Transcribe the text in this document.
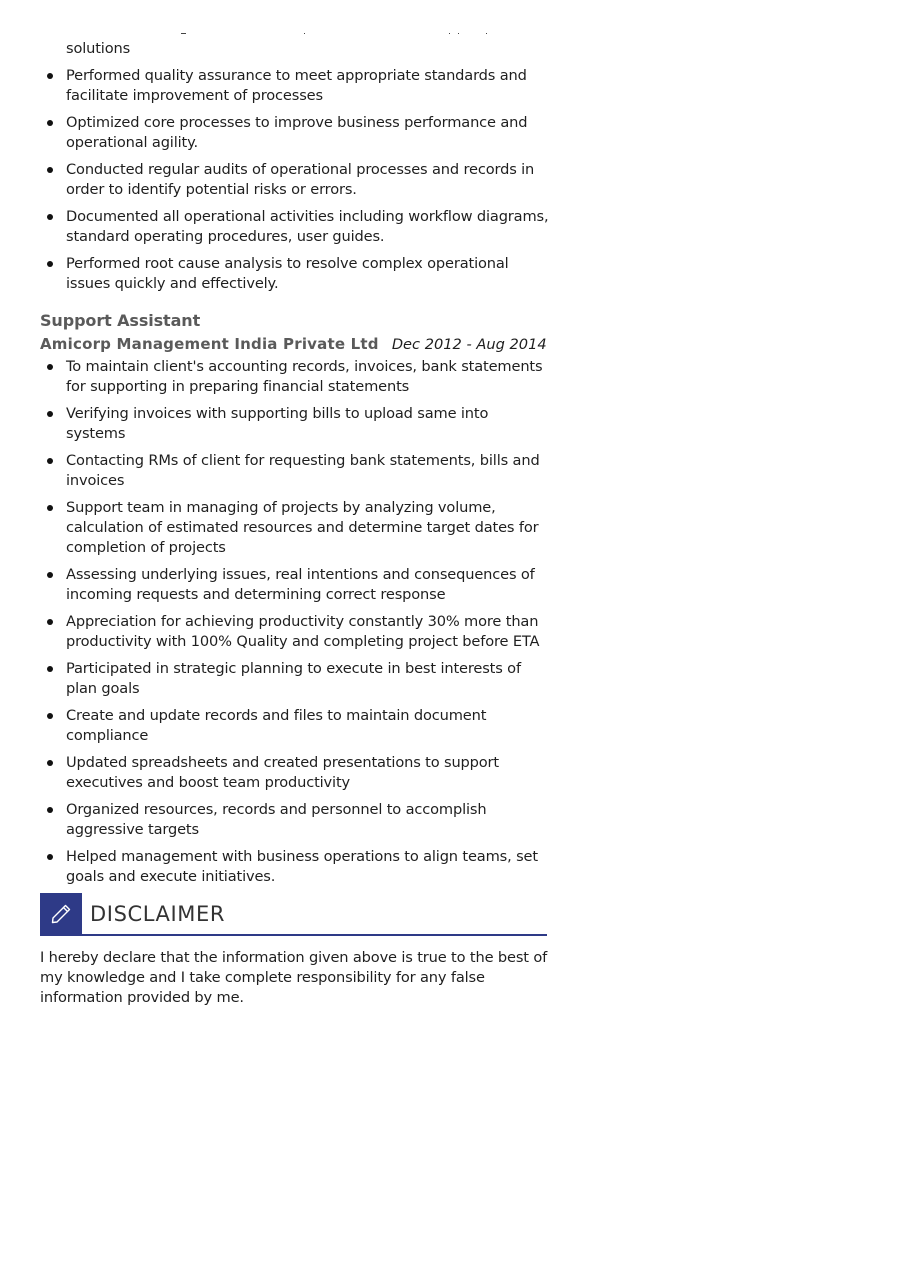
solutions
Performed quality assurance to meet appropriate standards and facilitate improvement of processes
Optimized core processes to improve business performance and operational agility.
Conducted regular audits of operational processes and records in order to identify potential risks or errors.
Documented all operational activities including workflow diagrams, standard operating procedures, user guides.
Performed root cause analysis to resolve complex operational issues quickly and effectively.
Support Assistant
Amicorp Management India Private Ltd Dec 2012 - Aug 2014
To maintain client's accounting records, invoices, bank statements for supporting in preparing financial statements
Verifying invoices with supporting bills to upload same into systems
Contacting RMs of client for requesting bank statements, bills and invoices
Support team in managing of projects by analyzing volume, calculation of estimated resources and determine target dates for completion of projects
Assessing underlying issues, real intentions and consequences of incoming requests and determining correct response
Appreciation for achieving productivity constantly 30% more than productivity with 100% Quality and completing project before ETA
Participated in strategic planning to execute in best interests of plan goals
Create and update records and files to maintain document compliance
Updated spreadsheets and created presentations to support executives and boost team productivity
Organized resources, records and personnel to accomplish aggressive targets
Helped management with business operations to align teams, set goals and execute initiatives.
DISCLAIMER
I hereby declare that the information given above is true to the best of my knowledge and I take complete responsibility for any false information provided by me.
